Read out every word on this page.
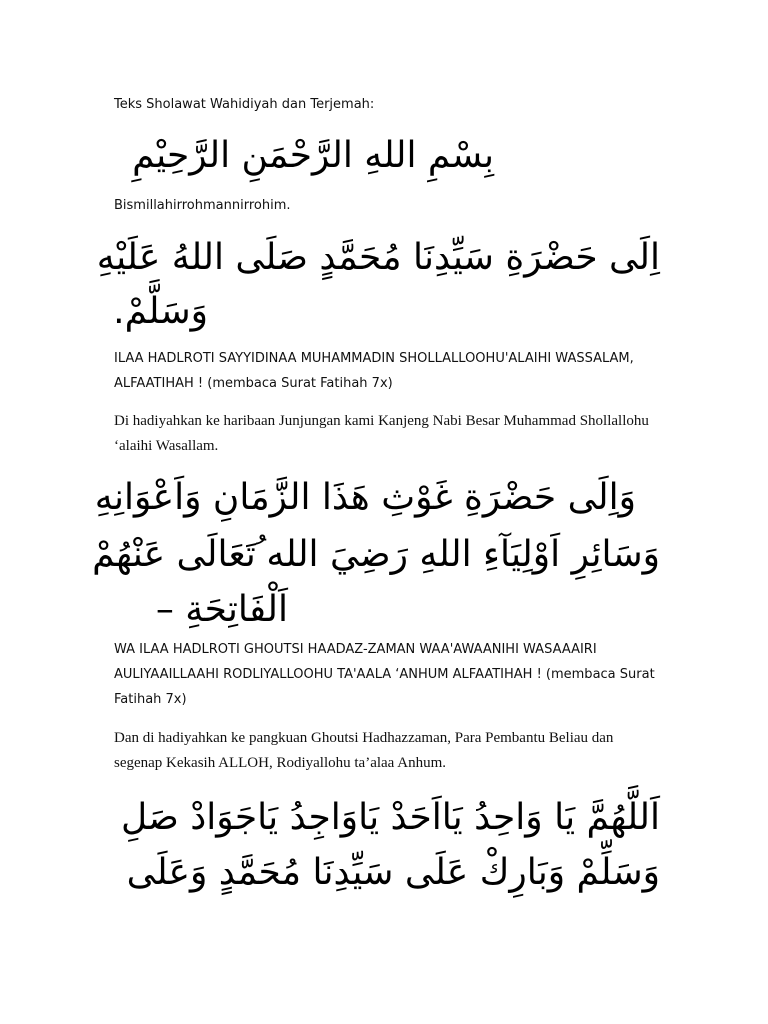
Teks Sholawat Wahidiyah dan Terjemah:
بِسْمِ اللهِ الرَّحْمَنِ الرَّحِيْمِ
Bismillahirrohmannirrohim.
اِلَى حَضْرَةِ سَيِّدِنَا مُحَمَّدٍ صَلَى اللهُ عَلَيْهِ
وَسَلَّمْ.
ILAA HADLROTI SAYYIDINAA MUHAMMADIN SHOLLALLOOHU'ALAIHI WASSALAM, ALFAATIHAH ! (membaca Surat Fatihah 7x)
Di hadiyahkan ke haribaan Junjungan kami Kanjeng Nabi Besar Muhammad Shollallohu ‘alaihi Wasallam.
وَاِلَى حَضْرَةِ غَوْثِ هَذَا الزَّمَانِ وَاَعْوَانِهِ
وَسَائِرِ اَوْلِيَآءِ اللهِ رَضِيَ الله ُتَعَالَى عَنْهُمْ
اَلْفَاتِحَةِ –
WA ILAA HADLROTI GHOUTSI HAADAZ-ZAMAN WAA'AWAANIHI WASAAAIRI AULIYAAILLAAHI RODLIYALLOOHU TA'AALA ‘ANHUM ALFAATIHAH ! (membaca Surat Fatihah 7x)
Dan di hadiyahkan ke pangkuan Ghoutsi Hadhazzaman, Para Pembantu Beliau dan segenap Kekasih ALLOH, Rodiyallohu ta’alaa Anhum.
اَللَّهُمَّ يَا وَاحِدُ يَااَحَدْ يَاوَاجِدُ يَاجَوَادْ صَلِ
وَسَلِّمْ وَبَارِكْ عَلَى سَيِّدِنَا مُحَمَّدٍ وَعَلَى
